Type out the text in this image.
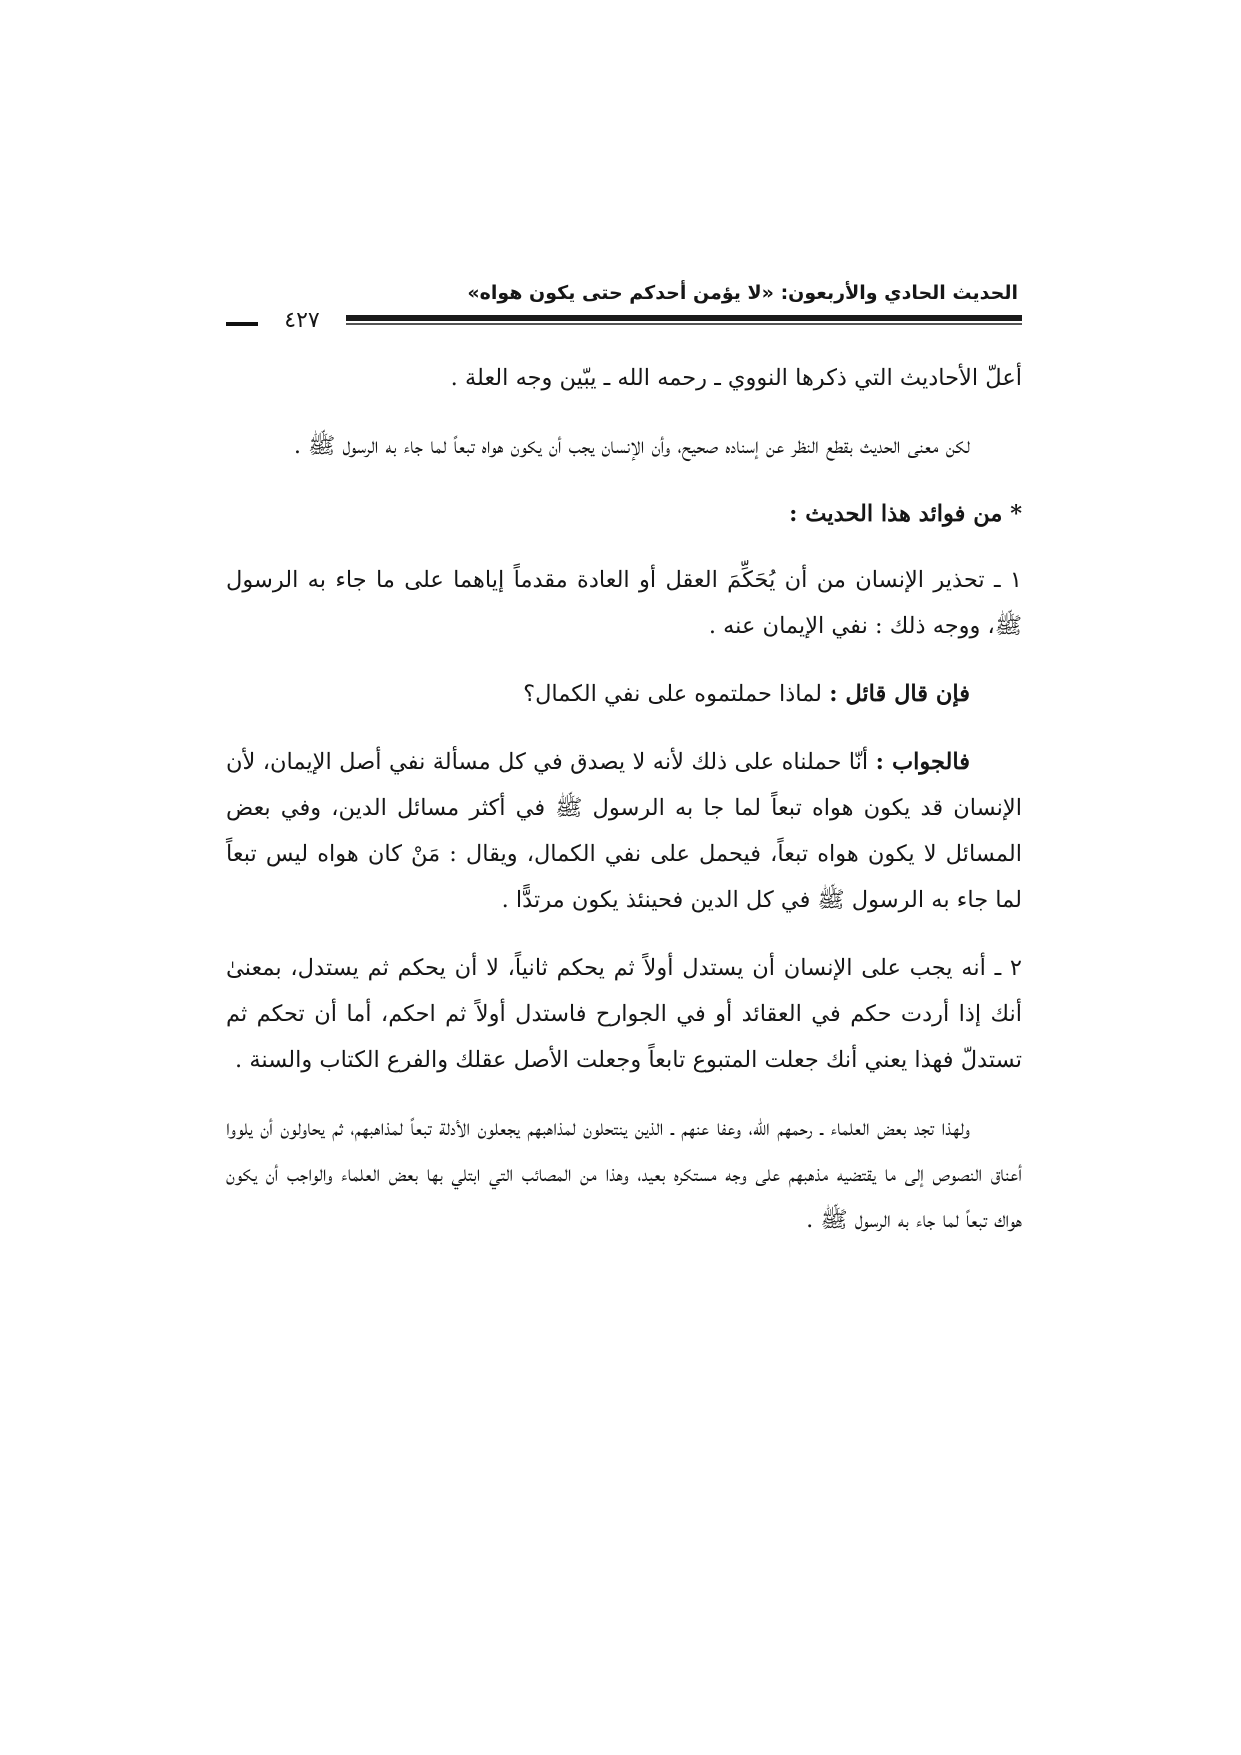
الحديث الحادي والأربعون: «لا يؤمن أحدكم حتى يكون هواه»
٤٢٧

أعلّ الأحاديث التي ذكرها النووي ـ رحمه الله ـ يبّين وجه العلة .

لكن معنى الحديث بقطع النظر عن إسناده صحيح، وأن الإنسان يجب أن يكون هواه تبعاً لما جاء به الرسول ﷺ .

* من فوائد هذا الحديث :

١ ـ تحذير الإنسان من أن يُحَكِّمَ العقل أو العادة مقدماً إياهما على ما جاء به الرسول ﷺ، ووجه ذلك : نفي الإيمان عنه .

فإن قال قائل : لماذا حملتموه على نفي الكمال؟

فالجواب : أنّا حملناه على ذلك لأنه لا يصدق في كل مسألة نفي أصل الإيمان، لأن الإنسان قد يكون هواه تبعاً لما جا به الرسول ﷺ في أكثر مسائل الدين، وفي بعض المسائل لا يكون هواه تبعاً، فيحمل على نفي الكمال، ويقال : مَنْ كان هواه ليس تبعاً لما جاء به الرسول ﷺ في كل الدين فحينئذ يكون مرتدًّا .

٢ ـ أنه يجب على الإنسان أن يستدل أولاً ثم يحكم ثانياً، لا أن يحكم ثم يستدل، بمعنىٰ أنك إذا أردت حكم في العقائد أو في الجوارح فاستدل أولاً ثم احكم، أما أن تحكم ثم تستدلّ فهذا يعني أنك جعلت المتبوع تابعاً وجعلت الأصل عقلك والفرع الكتاب والسنة .

ولهذا تجد بعض العلماء ـ رحمهم الله، وعفا عنهم ـ الذين ينتحلون لمذاهبهم يجعلون الأدلة تبعاً لمذاهبهم، ثم يحاولون أن يلووا أعناق النصوص إلى ما يقتضيه مذهبهم على وجه مستكره بعيد، وهذا من المصائب التي ابتلي بها بعض العلماء والواجب أن يكون هواك تبعاً لما جاء به الرسول ﷺ .
